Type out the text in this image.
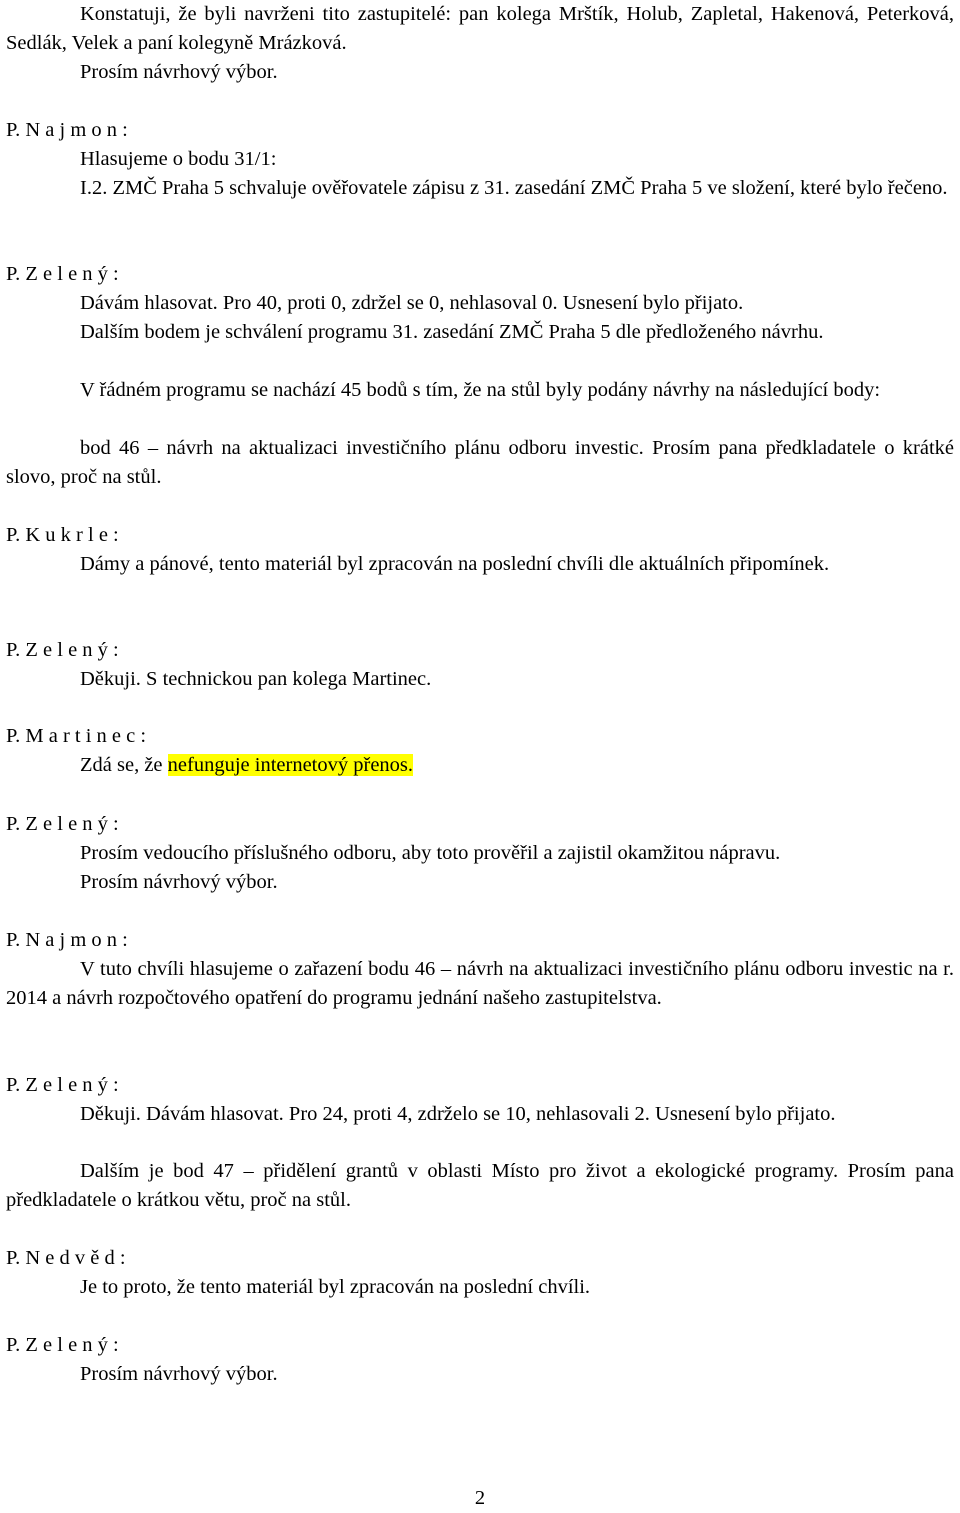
Konstatuji, že byli navrženi tito zastupitelé: pan kolega Mrštík, Holub, Zapletal, Hakenová, Peterková, Sedlák, Velek a paní kolegyně Mrázková.

Prosím návrhový výbor.

P. N a j m o n :

Hlasujeme o bodu 31/1:

I.2. ZMČ Praha 5 schvaluje ověřovatele zápisu z 31. zasedání ZMČ Praha 5 ve složení, které bylo řečeno.

P. Z e l e n ý :

Dávám hlasovat. Pro 40, proti 0, zdržel se 0, nehlasoval 0. Usnesení bylo přijato.

Dalším bodem je schválení programu 31. zasedání ZMČ Praha 5 dle předloženého návrhu.

V řádném programu se nachází 45 bodů s tím, že na stůl byly podány návrhy na následující body:

bod 46 – návrh na aktualizaci investičního plánu odboru investic. Prosím pana předkladatele o krátké slovo, proč na stůl.

P. K u k r l e :

Dámy a pánové, tento materiál byl zpracován na poslední chvíli dle aktuálních připomínek.

P. Z e l e n ý :

Děkuji. S technickou pan kolega Martinec.

P. M a r t i n e c :

Zdá se, že nefunguje internetový přenos.

P. Z e l e n ý :

Prosím vedoucího příslušného odboru, aby toto prověřil a zajistil okamžitou nápravu.

Prosím návrhový výbor.

P. N a j m o n :

V tuto chvíli hlasujeme o zařazení bodu 46 – návrh na aktualizaci investičního plánu odboru investic na r. 2014 a návrh rozpočtového opatření do programu jednání našeho zastupitelstva.

P. Z e l e n ý :

Děkuji. Dávám hlasovat. Pro 24, proti 4, zdrželo se 10, nehlasovali 2. Usnesení bylo přijato.

Dalším je bod 47 – přidělení grantů v oblasti Místo pro život a ekologické programy. Prosím pana předkladatele o krátkou větu, proč na stůl.

P. N e d v ě d :

Je to proto, že tento materiál byl zpracován na poslední chvíli.

P. Z e l e n ý :

Prosím návrhový výbor.

2
